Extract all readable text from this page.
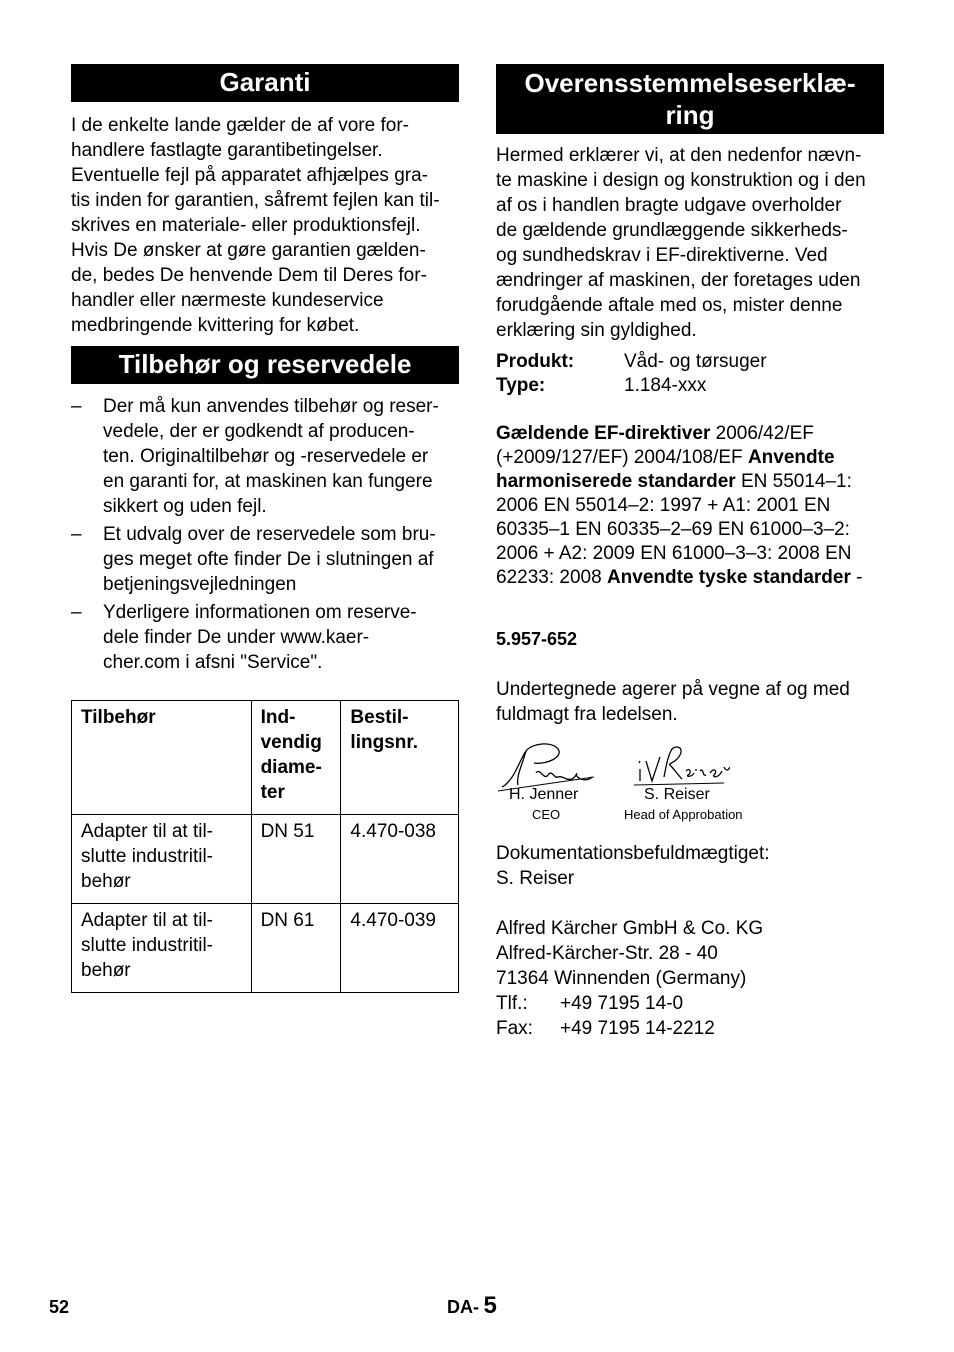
Garanti
I de enkelte lande gælder de af vore for-
handlere fastlagte garantibetingelser.
Eventuelle fejl på apparatet afhjælpes gra-
tis inden for garantien, såfremt fejlen kan til-
skrives en materiale- eller produktionsfejl.
Hvis De ønsker at gøre garantien gælden-
de, bedes De henvende Dem til Deres for-
handler eller nærmeste kundeservice
medbringende kvittering for købet.
Tilbehør og reservedele
– Der må kun anvendes tilbehør og reser-
vedele, der er godkendt af producen-
ten. Originaltilbehør og -reservedele er
en garanti for, at maskinen kan fungere
sikkert og uden fejl.
– Et udvalg over de reservedele som bru-
ges meget ofte finder De i slutningen af
betjeningsvejledningen
– Yderligere informationen om reserve-
dele finder De under www.kaer-
cher.com i afsni "Service".
Tilbehør	Ind-
vendig
diame-
ter	Bestil-
lingsnr.

Adapter til at til-
slutte industritil-
behør	DN 51	4.470-038

Adapter til at til-
slutte industritil-
behør	DN 61	4.470-039
Overensstemmelseserklæ-
ring
Hermed erklærer vi, at den nedenfor nævn-
te maskine i design og konstruktion og i den
af os i handlen bragte udgave overholder
de gældende grundlæggende sikkerheds-
og sundhedskrav i EF-direktiverne. Ved
ændringer af maskinen, der foretages uden
forudgående aftale med os, mister denne
erklæring sin gyldighed.
Produkt:	Våd- og tørsuger
Type:	1.184-xxx
Gældende EF-direktiver 2006/42/EF (+2009/127/EF) 2004/108/EF Anvendte harmoniserede standarder EN 55014–1: 2006 EN 55014–2: 1997 + A1: 2001 EN 60335–1 EN 60335–2–69 EN 61000–3–2: 2006 + A2: 2009 EN 61000–3–3: 2008 EN 62233: 2008 Anvendte tyske standarder -
5.957-652
Undertegnede agerer på vegne af og med
fuldmagt fra ledelsen.
H. Jenner
CEO
S. Reiser
Head of Approbation
Dokumentationsbefuldmægtiget:
S. Reiser
Alfred Kärcher GmbH & Co. KG
Alfred-Kärcher-Str. 28 - 40
71364 Winnenden (Germany)
Tlf.:	+49 7195 14-0
Fax:	+49 7195 14-2212
52	DA- 5
